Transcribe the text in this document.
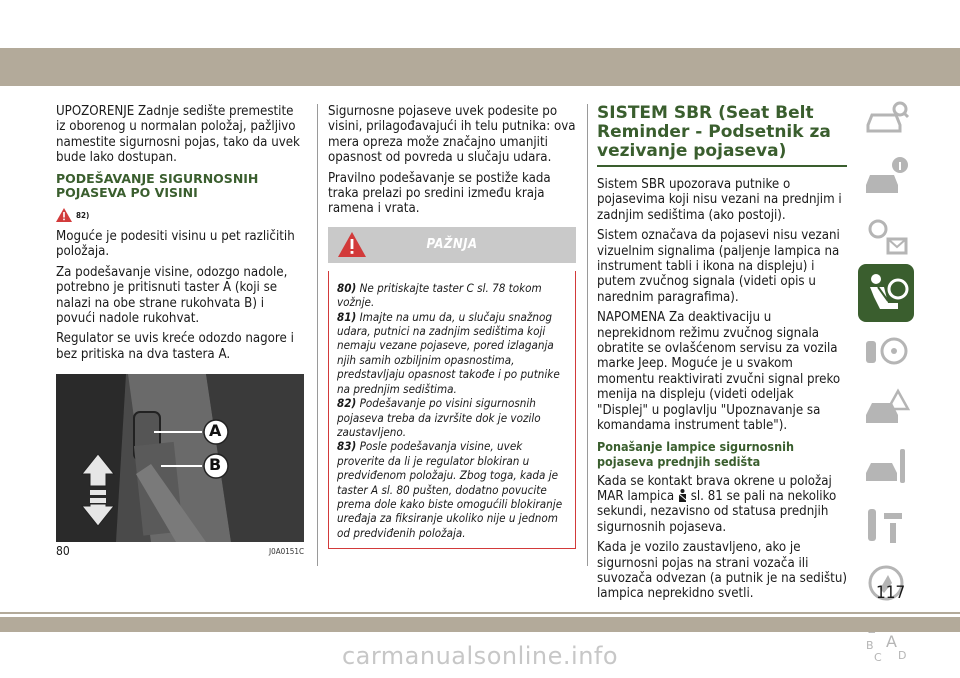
UPOZORENJE Zadnje sedište premestite iz oborenog u normalan položaj, pažljivo namestite sigurnosni pojas, tako da uvek bude lako dostupan.

PODEŠAVANJE SIGURNOSNIH POJASEVA PO VISINI
82)

Moguće je podesiti visinu u pet različitih položaja.

Za podešavanje visine, odozgo nadole, potrebno je pritisnuti taster A (koji se nalazi na obe strane rukohvata B) i povući nadole rukohvat.

Regulator se uvis kreće odozdo nagore i bez pritiska na dva tastera A.

A
B
80	J0A0151C

Sigurnosne pojaseve uvek podesite po visini, prilagođavajući ih telu putnika: ova mera opreza može značajno umanjiti opasnost od povreda u slučaju udara.

Pravilno podešavanje se postiže kada traka prelazi po sredini između kraja ramena i vrata.

PAŽNJA
80) Ne pritiskajte taster C sl. 78 tokom vožnje.
81) Imajte na umu da, u slučaju snažnog udara, putnici na zadnjim sedištima koji nemaju vezane pojaseve, pored izlaganja njih samih ozbiljnim opasnostima, predstavljaju opasnost takođe i po putnike na prednjim sedištima.
82) Podešavanje po visini sigurnosnih pojaseva treba da izvršite dok je vozilo zaustavljeno.
83) Posle podešavanja visine, uvek proverite da li je regulator blokiran u predviđenom položaju. Zbog toga, kada je taster A sl. 80 pušten, dodatno povucite prema dole kako biste omogućili blokiranje uređaja za fiksiranje ukoliko nije u jednom od predviđenih položaja.
SISTEM SBR (Seat Belt Reminder - Podsetnik za vezivanje pojaseva)

Sistem SBR upozorava putnike o pojasevima koji nisu vezani na prednjim i zadnjim sedištima (ako postoji).

Sistem označava da pojasevi nisu vezani vizuelnim signalima (paljenje lampica na instrument tabli i ikona na displeju) i putem zvučnog signala (videti opis u narednim paragrafima).

NAPOMENA Za deaktivaciju u neprekidnom režimu zvučnog signala obratite se ovlašćenom servisu za vozila marke Jeep. Moguće je u svakom momentu reaktivirati zvučni signal preko menija na displeju (videti odeljak "Displej" u poglavlju "Upoznavanje sa komandama instrument table").

Ponašanje lampice sigurnosnih pojaseva prednjih sedišta

Kada se kontakt brava okrene u položaj MAR lampica sl. 81 se pali na nekoliko sekundi, nezavisno od statusa prednjih sigurnosnih pojaseva.

Kada je vozilo zaustavljeno, ako je sigurnosni pojas na strani vozača ili suvozača odvezan (a putnik je na sedištu) lampica neprekidno svetli.

B A
C D
117
carmanualsonline.info
